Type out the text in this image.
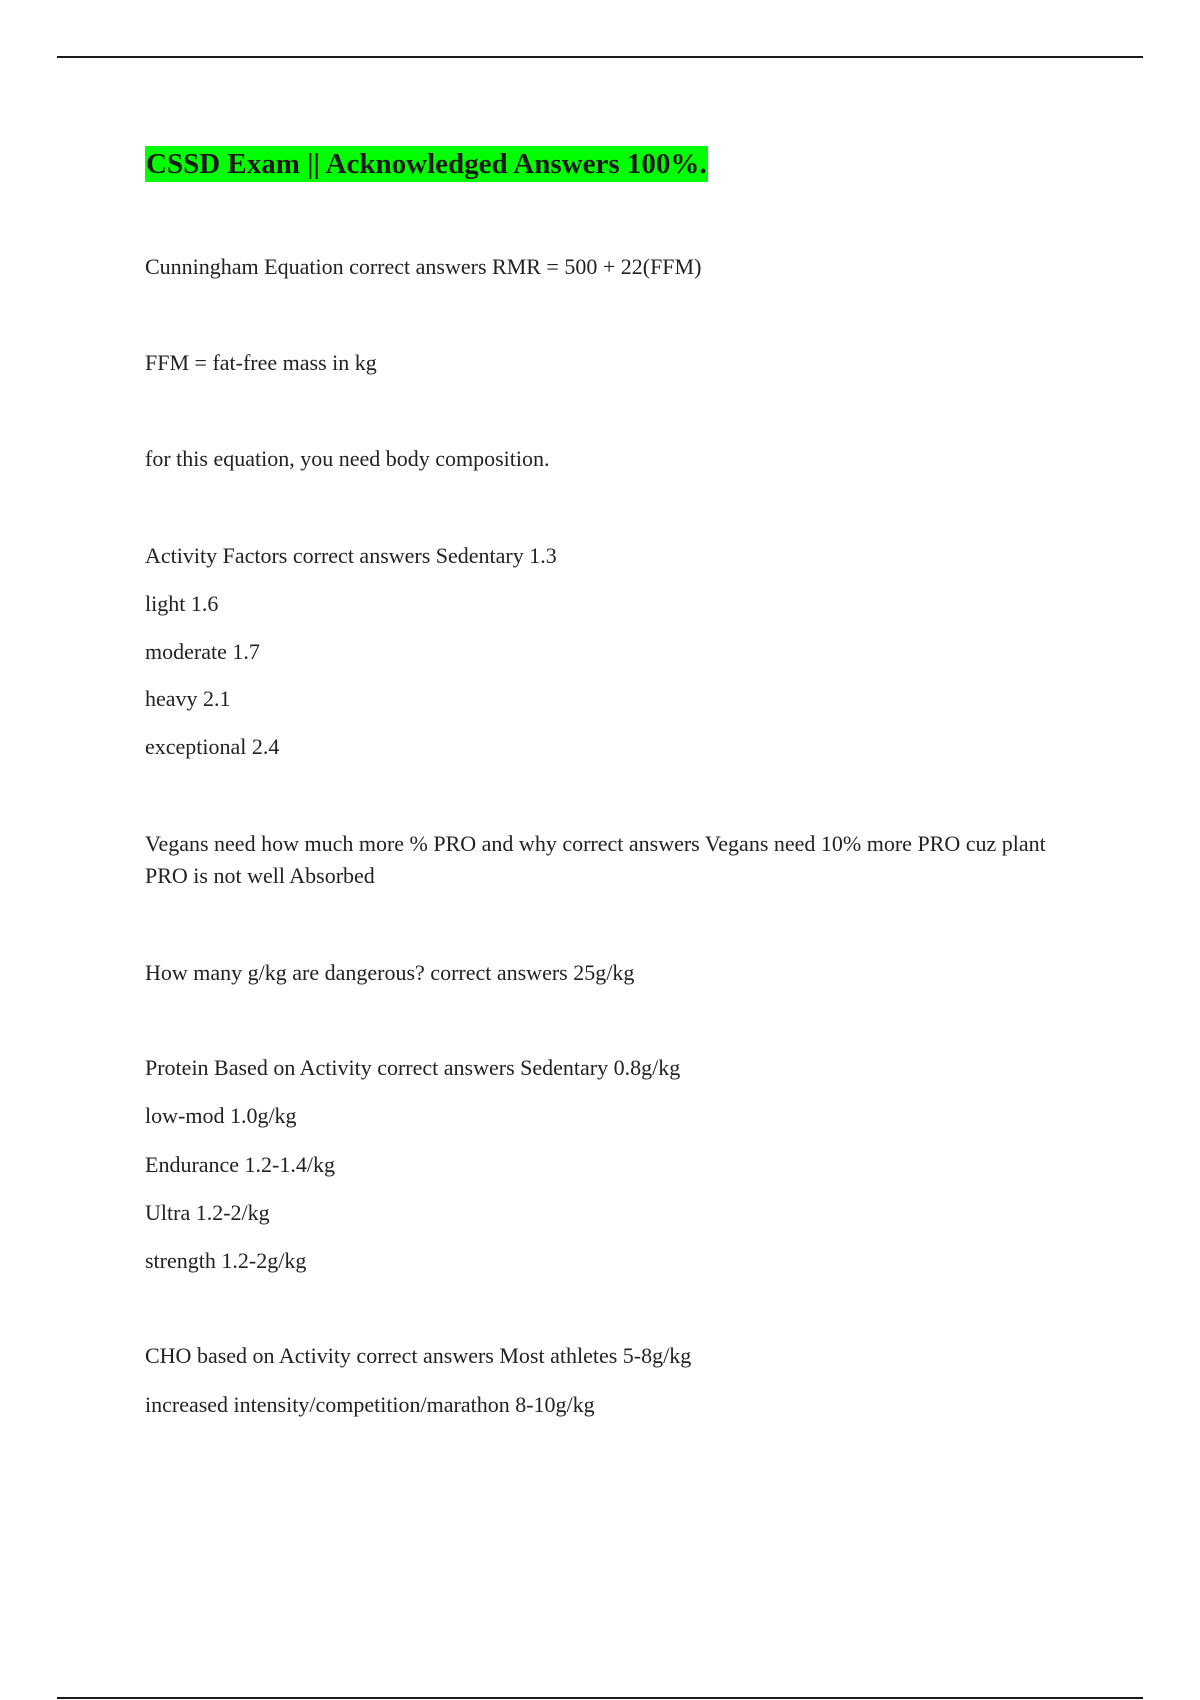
CSSD Exam || Acknowledged Answers 100%.
Cunningham Equation correct answers RMR = 500 + 22(FFM)
FFM = fat-free mass in kg
for this equation, you need body composition.
Activity Factors correct answers Sedentary 1.3
light 1.6
moderate 1.7
heavy 2.1
exceptional 2.4
Vegans need how much more % PRO and why correct answers Vegans need 10% more PRO cuz plant PRO is not well Absorbed
How many g/kg are dangerous? correct answers 25g/kg
Protein Based on Activity correct answers Sedentary 0.8g/kg
low-mod 1.0g/kg
Endurance 1.2-1.4/kg
Ultra 1.2-2/kg
strength 1.2-2g/kg
CHO based on Activity correct answers Most athletes 5-8g/kg
increased intensity/competition/marathon 8-10g/kg
